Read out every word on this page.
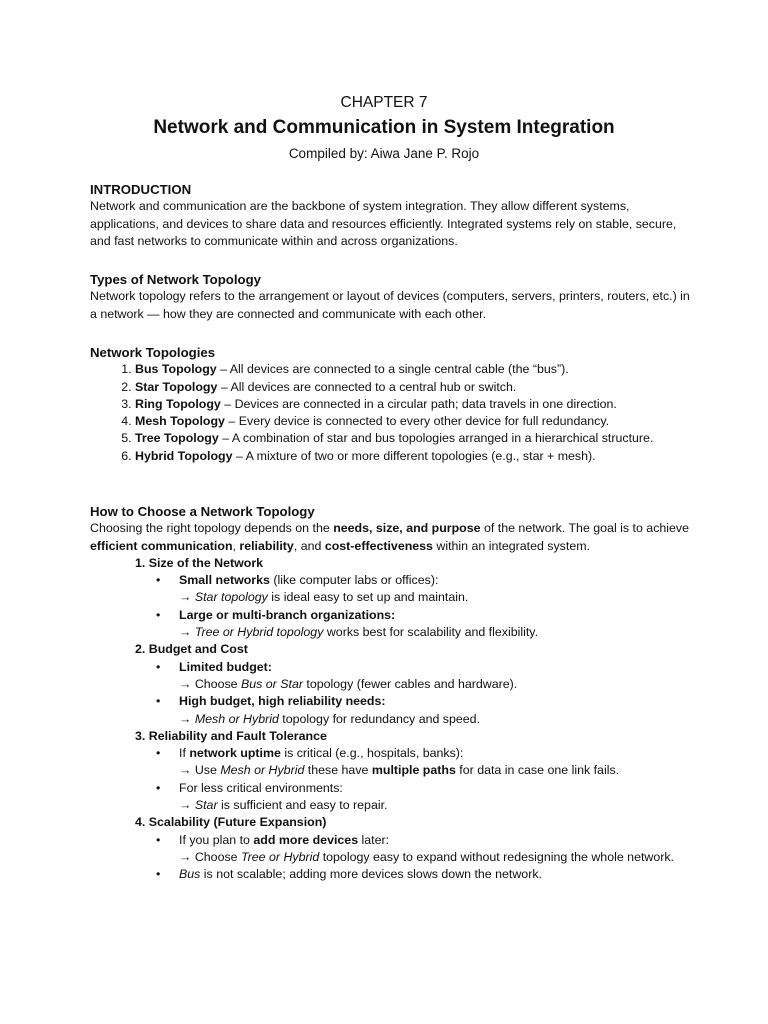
CHAPTER 7
Network and Communication in System Integration
Compiled by: Aiwa Jane P. Rojo
INTRODUCTION
Network and communication are the backbone of system integration. They allow different systems, applications, and devices to share data and resources efficiently. Integrated systems rely on stable, secure, and fast networks to communicate within and across organizations.
Types of Network Topology
Network topology refers to the arrangement or layout of devices (computers, servers, printers, routers, etc.) in a network — how they are connected and communicate with each other.
Network Topologies
1. Bus Topology – All devices are connected to a single central cable (the “bus”).
2. Star Topology – All devices are connected to a central hub or switch.
3. Ring Topology – Devices are connected in a circular path; data travels in one direction.
4. Mesh Topology – Every device is connected to every other device for full redundancy.
5. Tree Topology – A combination of star and bus topologies arranged in a hierarchical structure.
6. Hybrid Topology – A mixture of two or more different topologies (e.g., star + mesh).
How to Choose a Network Topology
Choosing the right topology depends on the needs, size, and purpose of the network. The goal is to achieve efficient communication, reliability, and cost-effectiveness within an integrated system.
1. Size of the Network
• Small networks (like computer labs or offices):
→ Star topology is ideal easy to set up and maintain.
• Large or multi-branch organizations:
→ Tree or Hybrid topology works best for scalability and flexibility.
2. Budget and Cost
• Limited budget:
→ Choose Bus or Star topology (fewer cables and hardware).
• High budget, high reliability needs:
→ Mesh or Hybrid topology for redundancy and speed.
3. Reliability and Fault Tolerance
• If network uptime is critical (e.g., hospitals, banks):
→ Use Mesh or Hybrid these have multiple paths for data in case one link fails.
• For less critical environments:
→ Star is sufficient and easy to repair.
4. Scalability (Future Expansion)
• If you plan to add more devices later:
→ Choose Tree or Hybrid topology easy to expand without redesigning the whole network.
• Bus is not scalable; adding more devices slows down the network.
